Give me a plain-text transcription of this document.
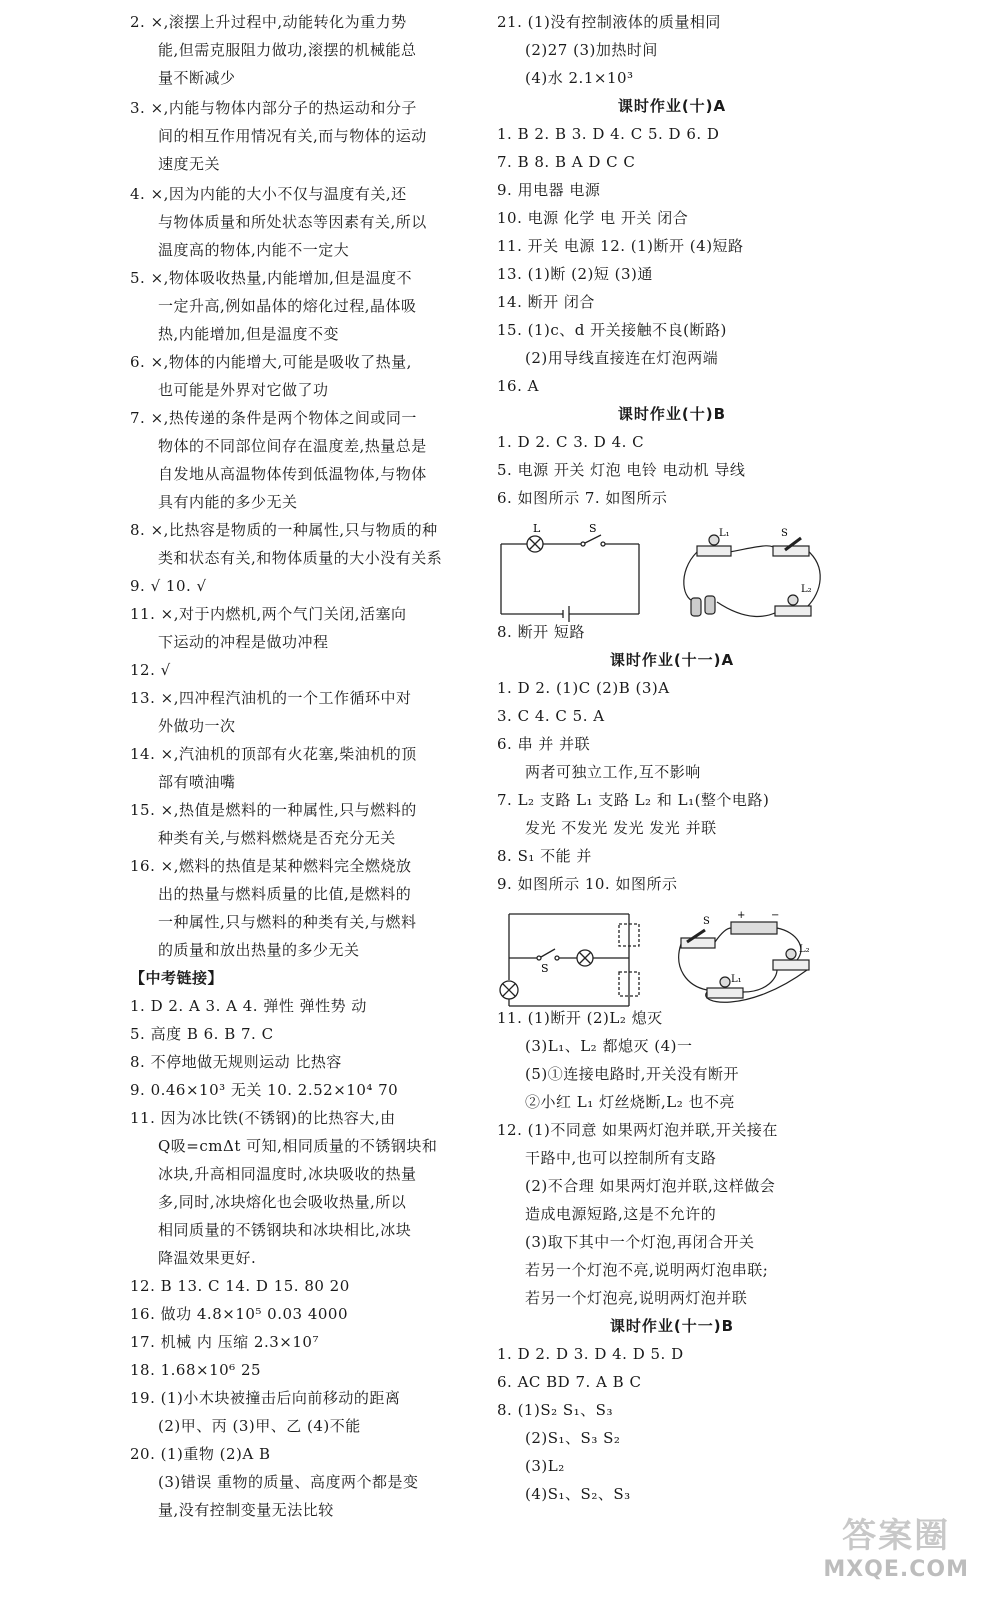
2. ×,滚摆上升过程中,动能转化为重力势
能,但需克服阻力做功,滚摆的机械能总
量不断减少
3. ×,内能与物体内部分子的热运动和分子
间的相互作用情况有关,而与物体的运动
速度无关
4. ×,因为内能的大小不仅与温度有关,还
与物体质量和所处状态等因素有关,所以
温度高的物体,内能不一定大
5. ×,物体吸收热量,内能增加,但是温度不
一定升高,例如晶体的熔化过程,晶体吸
热,内能增加,但是温度不变
6. ×,物体的内能增大,可能是吸收了热量,
也可能是外界对它做了功
7. ×,热传递的条件是两个物体之间或同一
物体的不同部位间存在温度差,热量总是
自发地从高温物体传到低温物体,与物体
具有内能的多少无关
8. ×,比热容是物质的一种属性,只与物质的种
类和状态有关,和物体质量的大小没有关系
9. √ 10. √
11. ×,对于内燃机,两个气门关闭,活塞向
下运动的冲程是做功冲程
12. √
13. ×,四冲程汽油机的一个工作循环中对
外做功一次
14. ×,汽油机的顶部有火花塞,柴油机的顶
部有喷油嘴
15. ×,热值是燃料的一种属性,只与燃料的
种类有关,与燃料燃烧是否充分无关
16. ×,燃料的热值是某种燃料完全燃烧放
出的热量与燃料质量的比值,是燃料的
一种属性,只与燃料的种类有关,与燃料
的质量和放出热量的多少无关
【中考链接】
1. D 2. A 3. A 4. 弹性 弹性势 动
5. 高度 B 6. B 7. C
8. 不停地做无规则运动 比热容
9. 0.46×10³ 无关 10. 2.52×10⁴ 70
11. 因为冰比铁(不锈钢)的比热容大,由
Q吸=cmΔt 可知,相同质量的不锈钢块和
冰块,升高相同温度时,冰块吸收的热量
多,同时,冰块熔化也会吸收热量,所以
相同质量的不锈钢块和冰块相比,冰块
降温效果更好.
12. B 13. C 14. D 15. 80 20
16. 做功 4.8×10⁵ 0.03 4000
17. 机械 内 压缩 2.3×10⁷
18. 1.68×10⁶ 25
19. (1)小木块被撞击后向前移动的距离
(2)甲、丙 (3)甲、乙 (4)不能
20. (1)重物 (2)A B
(3)错误 重物的质量、高度两个都是变
量,没有控制变量无法比较
21. (1)没有控制液体的质量相同
(2)27 (3)加热时间
(4)水 2.1×10³
课时作业(十)A
1. B 2. B 3. D 4. C 5. D 6. D
7. B 8. B A D C C
9. 用电器 电源
10. 电源 化学 电 开关 闭合
11. 开关 电源 12. (1)断开 (4)短路
13. (1)断 (2)短 (3)通
14. 断开 闭合
15. (1)c、d 开关接触不良(断路)
(2)用导线直接连在灯泡两端
16. A
课时作业(十)B
1. D 2. C 3. D 4. C
5. 电源 开关 灯泡 电铃 电动机 导线
6. 如图所示 7. 如图所示
8. 断开 短路
课时作业(十一)A
1. D 2. (1)C (2)B (3)A
3. C 4. C 5. A
6. 串 并 并联
两者可独立工作,互不影响
7. L₂ 支路 L₁ 支路 L₂ 和 L₁(整个电路)
发光 不发光 发光 发光 并联
8. S₁ 不能 并
9. 如图所示 10. 如图所示
11. (1)断开 (2)L₂ 熄灭
(3)L₁、L₂ 都熄灭 (4)一
(5)①连接电路时,开关没有断开
②小红 L₁ 灯丝烧断,L₂ 也不亮
12. (1)不同意 如果两灯泡并联,开关接在
干路中,也可以控制所有支路
(2)不合理 如果两灯泡并联,这样做会
造成电源短路,这是不允许的
(3)取下其中一个灯泡,再闭合开关
若另一个灯泡不亮,说明两灯泡串联;
若另一个灯泡亮,说明两灯泡并联
课时作业(十一)B
1. D 2. D 3. D 4. D 5. D
6. AC BD 7. A B C
8. (1)S₂ S₁、S₃
(2)S₁、S₃ S₂
(3)L₂
(4)S₁、S₂、S₃
L	S	L₁	S
L₂
S
S
+	−
L₂
L₁
答案圈
MXQE.COM
